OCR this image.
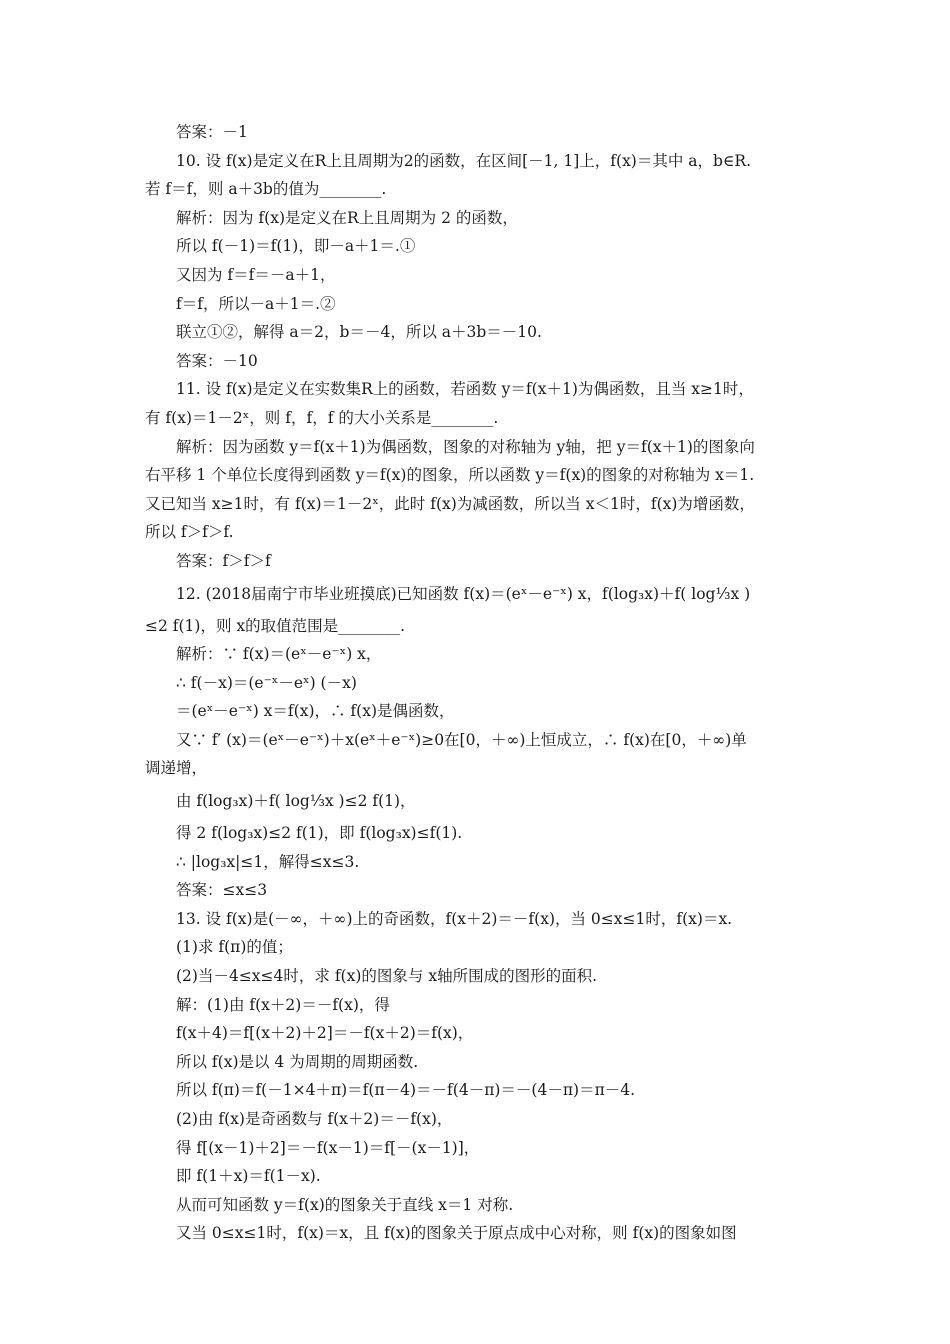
答案：－1
10. 设 f(x)是定义在R上且周期为2的函数，在区间[－1, 1]上，f(x)＝其中 a，b∈R.
若 f＝f，则 a＋3b的值为________.
解析：因为 f(x)是定义在R上且周期为 2 的函数，
所以 f(－1)＝f(1)，即－a＋1＝.①
又因为 f＝f＝－a＋1，
f＝f，所以－a＋1＝.②
联立①②，解得 a＝2，b＝－4，所以 a＋3b＝－10.
答案：－10
11. 设 f(x)是定义在实数集R上的函数，若函数 y＝f(x＋1)为偶函数，且当 x≥1时，
有 f(x)＝1－2ˣ，则 f，f，f 的大小关系是________.
解析：因为函数 y＝f(x＋1)为偶函数，图象的对称轴为 y轴，把 y＝f(x＋1)的图象向
右平移 1 个单位长度得到函数 y＝f(x)的图象，所以函数 y＝f(x)的图象的对称轴为 x＝1.
又已知当 x≥1时，有 f(x)＝1－2ˣ，此时 f(x)为减函数，所以当 x＜1时，f(x)为增函数，
所以 f＞f＞f.
答案：f＞f＞f
12. (2018届南宁市毕业班摸底)已知函数 f(x)＝(eˣ－e⁻ˣ) x，f(log₃x)＋f( log⅓x )
≤2 f(1)，则 x的取值范围是________.
解析：∵ f(x)＝(eˣ－e⁻ˣ) x，
∴ f(－x)＝(e⁻ˣ－eˣ) (－x)
＝(eˣ－e⁻ˣ) x＝f(x)，∴ f(x)是偶函数，
又∵ f′ (x)＝(eˣ－e⁻ˣ)＋x(eˣ＋e⁻ˣ)≥0在[0，＋∞)上恒成立，∴ f(x)在[0，＋∞)单
调递增，
由 f(log₃x)＋f( log⅓x )≤2 f(1)，
得 2 f(log₃x)≤2 f(1)，即 f(log₃x)≤f(1).
∴ |log₃x|≤1，解得≤x≤3.
答案：≤x≤3
13. 设 f(x)是(－∞，＋∞)上的奇函数，f(x＋2)＝－f(x)，当 0≤x≤1时，f(x)＝x.
(1)求 f(π)的值；
(2)当－4≤x≤4时，求 f(x)的图象与 x轴所围成的图形的面积.
解：(1)由 f(x＋2)＝－f(x)，得
f(x＋4)＝f[(x＋2)＋2]＝－f(x＋2)＝f(x)，
所以 f(x)是以 4 为周期的周期函数.
所以 f(π)＝f(－1×4＋π)＝f(π－4)＝－f(4－π)＝－(4－π)＝π－4.
(2)由 f(x)是奇函数与 f(x＋2)＝－f(x)，
得 f[(x－1)＋2]＝－f(x－1)＝f[－(x－1)]，
即 f(1＋x)＝f(1－x).
从而可知函数 y＝f(x)的图象关于直线 x＝1 对称.
又当 0≤x≤1时，f(x)＝x，且 f(x)的图象关于原点成中心对称，则 f(x)的图象如图
